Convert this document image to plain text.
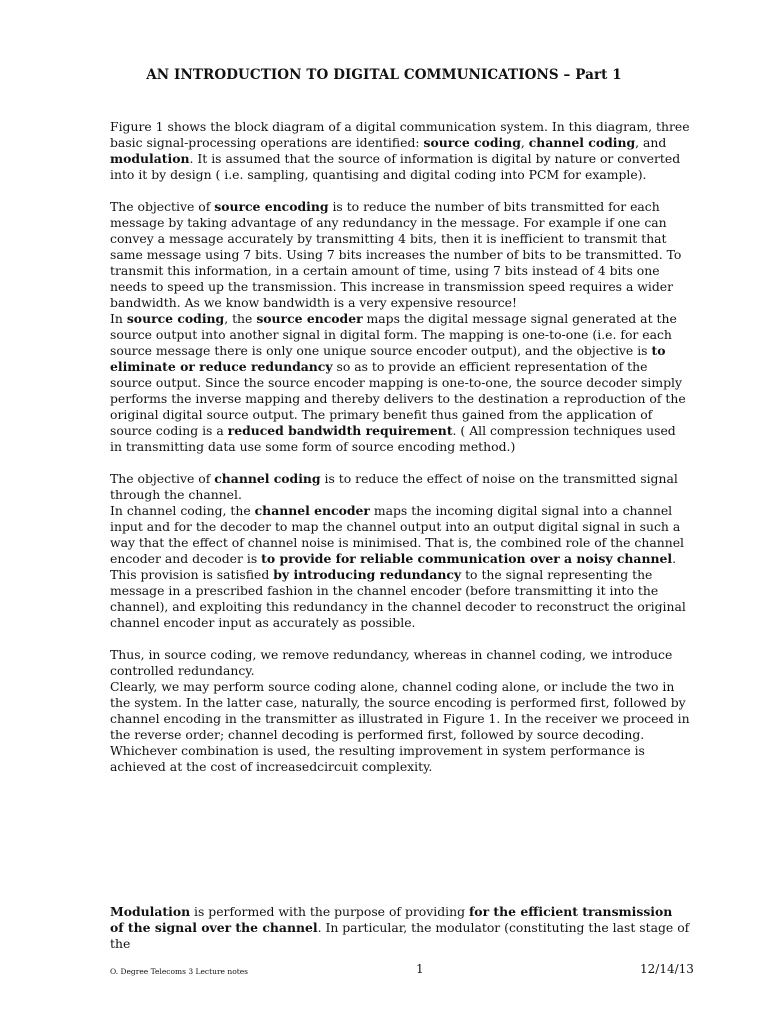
AN INTRODUCTION TO DIGITAL COMMUNICATIONS – Part 1

Figure 1 shows the block diagram of a digital communication system. In this diagram, three basic signal-processing operations are identified: source coding, channel coding, and modulation. It is assumed that the source of information is digital by nature or converted into it by design ( i.e. sampling, quantising and digital coding into PCM for example).

The objective of source encoding is to reduce the number of bits transmitted for each message by taking advantage of any redundancy in the message. For example if one can convey a message accurately by transmitting 4 bits, then it is inefficient to transmit that same message using 7 bits. Using 7 bits increases the number of bits to be transmitted. To transmit this information, in a certain amount of time, using 7 bits instead of 4 bits one needs to speed up the transmission. This increase in transmission speed requires a wider bandwidth. As we know bandwidth is a very expensive resource!

In source coding, the source encoder maps the digital message signal generated at the source output into another signal in digital form. The mapping is one-to-one (i.e. for each source message there is only one unique source encoder output), and the objective is to eliminate or reduce redundancy so as to provide an efficient representation of the source output. Since the source encoder mapping is one-to-one, the source decoder simply performs the inverse mapping and thereby delivers to the destination a reproduction of the original digital source output. The primary benefit thus gained from the application of source coding is a reduced bandwidth requirement. ( All compression techniques used in transmitting data use some form of source encoding method.)

The objective of channel coding is to reduce the effect of noise on the transmitted signal through the channel.

In channel coding, the channel encoder maps the incoming digital signal into a channel input and for the decoder to map the channel output into an output digital signal in such a way that the effect of channel noise is minimised. That is, the combined role of the channel encoder and decoder is to provide for reliable communication over a noisy channel. This provision is satisfied by introducing redundancy to the signal representing the message in a prescribed fashion in the channel encoder (before transmitting it into the channel), and exploiting this redundancy in the channel decoder to reconstruct the original channel encoder input as accurately as possible.

Thus, in source coding, we remove redundancy, whereas in channel coding, we introduce controlled redundancy.

Clearly, we may perform source coding alone, channel coding alone, or include the two in the system. In the latter case, naturally, the source encoding is performed first, followed by channel encoding in the transmitter as illustrated in Figure 1. In the receiver we proceed in the reverse order; channel decoding is performed first, followed by source decoding. Whichever combination is used, the resulting improvement in system performance is achieved at the cost of increasedcircuit complexity.

Modulation is performed with the purpose of providing for the efficient transmission of the signal over the channel. In particular, the modulator (constituting the last stage of the

O. Degree Telecoms 3 Lecture notes	1	12/14/13
